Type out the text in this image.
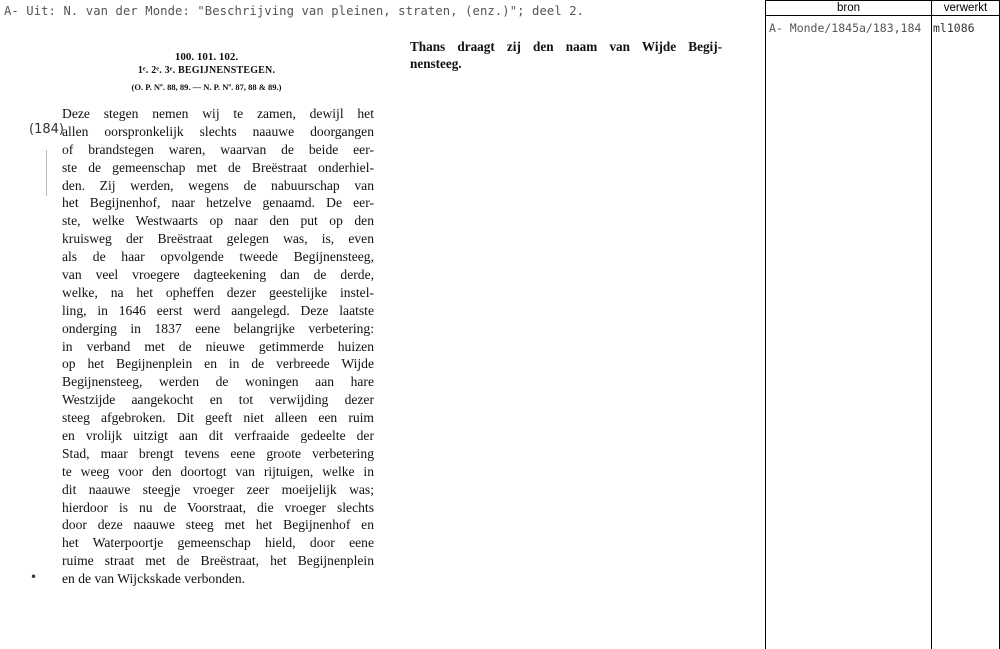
A- Uit: N. van der Monde: "Beschrijving van pleinen, straten, (enz.)"; deel 2.
100. 101. 102.
1ᵉ. 2ᵉ. 3ᵉ. BEGIJNENSTEGEN.
(O. P. Nº. 88, 89. — N. P. Nº. 87, 88 & 89.)
(184)
•
Deze stegen nemen wij te zamen, dewijl het
allen oorspronkelijk slechts naauwe doorgangen
of brandstegen waren, waarvan de beide eer-
ste de gemeenschap met de Breëstraat onderhiel-
den. Zij werden, wegens de nabuurschap van
het Begijnenhof, naar hetzelve genaamd. De eer-
ste, welke Westwaarts op naar den put op den
kruisweg der Breëstraat gelegen was, is, even
als de haar opvolgende tweede Begijnensteeg,
van veel vroegere dagteekening dan de derde,
welke, na het opheffen dezer geestelijke instel-
ling, in 1646 eerst werd aangelegd. Deze laatste
onderging in 1837 eene belangrijke verbetering:
in verband met de nieuwe getimmerde huizen
op het Begijnenplein en in de verbreede Wijde
Begijnensteeg, werden de woningen aan hare
Westzijde aangekocht en tot verwijding dezer
steeg afgebroken. Dit geeft niet alleen een ruim
en vrolijk uitzigt aan dit verfraaide gedeelte der
Stad, maar brengt tevens eene groote verbetering
te weeg voor den doortogt van rijtuigen, welke in
dit naauwe steegje vroeger zeer moeijelijk was;
hierdoor is nu de Voorstraat, die vroeger slechts
door deze naauwe steeg met het Begijnenhof en
het Waterpoortje gemeenschap hield, door eene
ruime straat met de Breëstraat, het Begijnenplein
en de van Wijckskade verbonden.
Thans draagt zij den naam van Wijde Begij-
nensteeg.
bron	verwerkt
A- Monde/1845a/183,184 ml1086
